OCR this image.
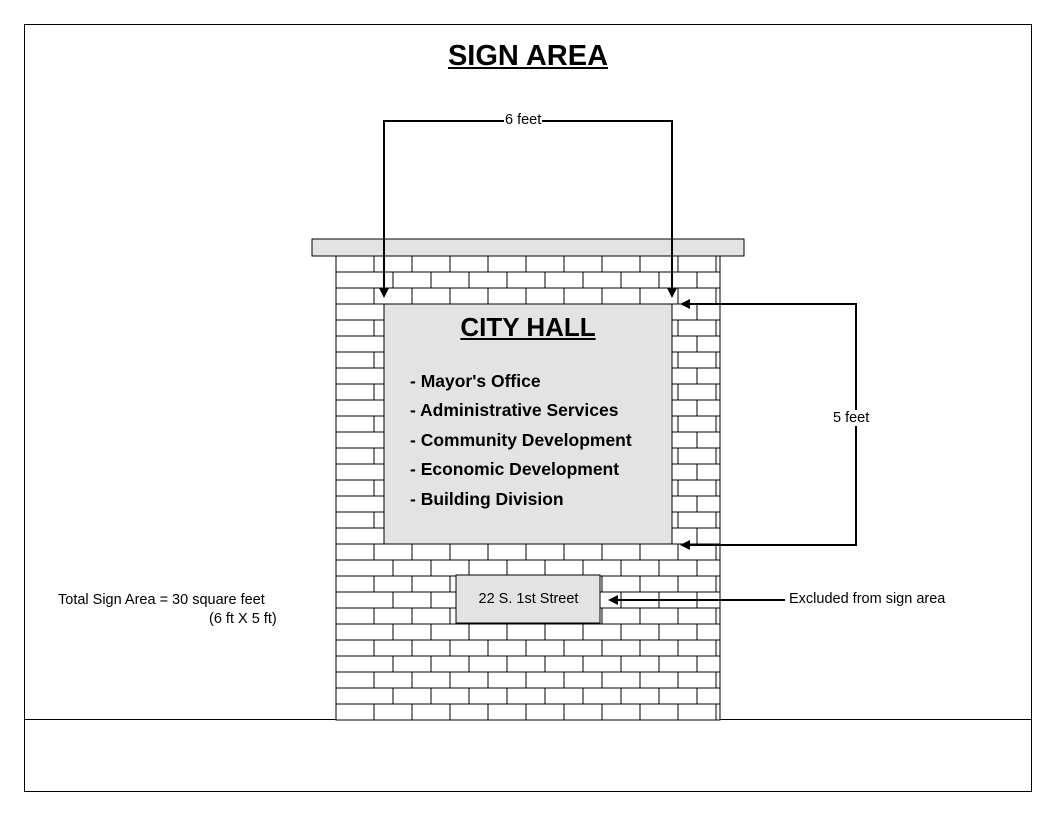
SIGN AREA
CITY HALL
- Mayor's Office
- Administrative Services
- Community Development
- Economic Development
- Building Division
22 S. 1st Street
6 feet
5 feet
Excluded from sign area
Total Sign Area = 30 square feet
(6 ft X 5 ft)
